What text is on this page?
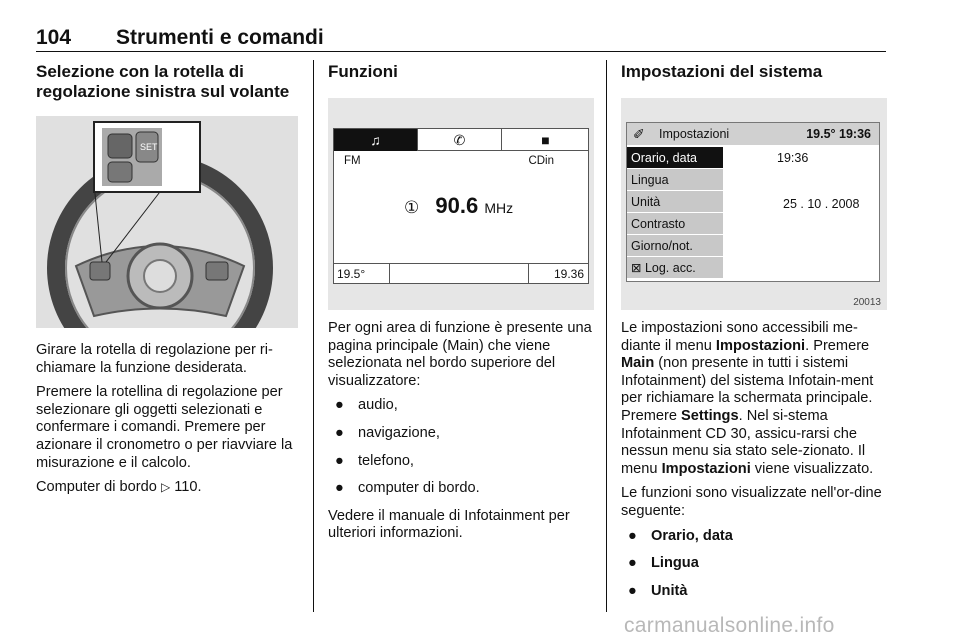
104 Strumenti e comandi
Selezione con la rotella di regolazione sinistra sul volante
SET

Girare la rotella di regolazione per ri-chiamare la funzione desiderata.

Premere la rotellina di regolazione per selezionare gli oggetti selezionati e confermare i comandi. Premere per azionare il cronometro o per riavviare la misurazione e il calcolo.

Computer di bordo ▷ 110.

Funzioni
♫	✆	■
FM	CDin
① 90.6 MHz
19.5°	19.36

Per ogni area di funzione è presente una pagina principale (Main) che viene selezionata nel bordo superiore del visualizzatore:

● audio,
● navigazione,
● telefono,
● computer di bordo.

Vedere il manuale di Infotainment per ulteriori informazioni.

Impostazioni del sistema
✐ Impostazioni	19.5° 19:36
Orario, data
Lingua
Unità
Contrasto
Giorno/not.
⊠ Log. acc.
19:36
25 . 10 . 2008
20013

Le impostazioni sono accessibili me-diante il menu Impostazioni. Premere Main (non presente in tutti i sistemi Infotainment) del sistema Infotain-ment per richiamare la schermata principale. Premere Settings. Nel si-stema Infotainment CD 30, assicu-rarsi che nessun menu sia stato sele-zionato. Il menu Impostazioni viene visualizzato.

Le funzioni sono visualizzate nell'or-dine seguente:

● Orario, data
● Lingua
● Unità
carmanualsonline.info
